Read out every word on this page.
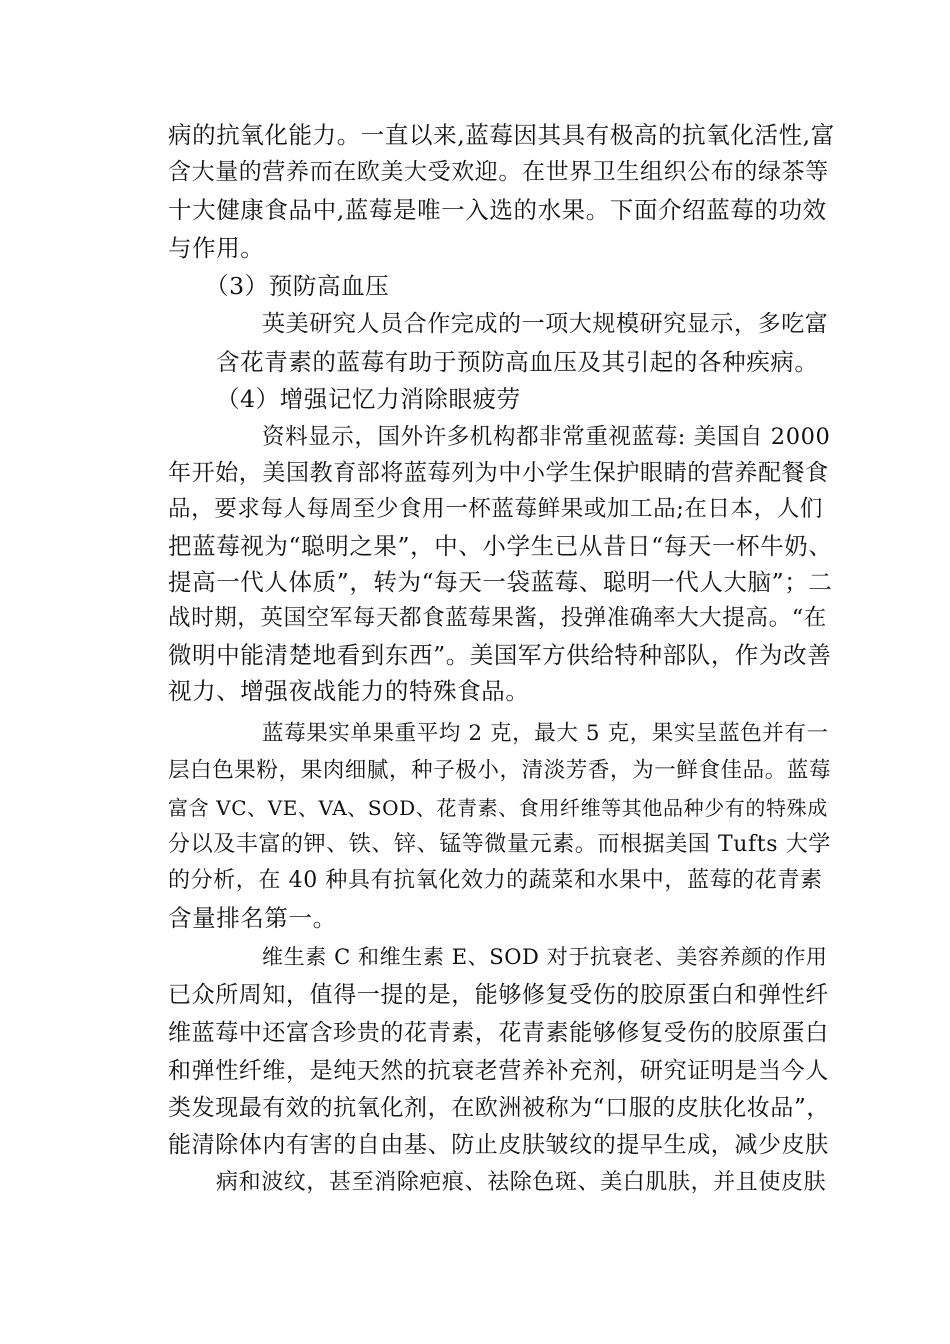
病的抗氧化能力。一直以来,蓝莓因其具有极高的抗氧化活性,富
含大量的营养而在欧美大受欢迎。在世界卫生组织公布的绿茶等
十大健康食品中,蓝莓是唯一入选的水果。下面介绍蓝莓的功效
与作用。
（3）预防高血压
英美研究人员合作完成的一项大规模研究显示，多吃富
含花青素的蓝莓有助于预防高血压及其引起的各种疾病。
（4）增强记忆力消除眼疲劳
资料显示，国外许多机构都非常重视蓝莓: 美国自 2000
年开始，美国教育部将蓝莓列为中小学生保护眼睛的营养配餐食
品，要求每人每周至少食用一杯蓝莓鲜果或加工品;在日本，人们
把蓝莓视为“聪明之果”，中、小学生已从昔日“每天一杯牛奶、
提高一代人体质”，转为“每天一袋蓝莓、聪明一代人大脑”；二
战时期，英国空军每天都食蓝莓果酱，投弹准确率大大提高。“在
微明中能清楚地看到东西”。美国军方供给特种部队，作为改善
视力、增强夜战能力的特殊食品。
蓝莓果实单果重平均 2 克，最大 5 克，果实呈蓝色并有一
层白色果粉，果肉细腻，种子极小，清淡芳香，为一鲜食佳品。蓝莓
富含 VC、VE、VA、SOD、花青素、食用纤维等其他品种少有的特殊成
分以及丰富的钾、铁、锌、锰等微量元素。而根据美国 Tufts 大学
的分析，在 40 种具有抗氧化效力的蔬菜和水果中，蓝莓的花青素
含量排名第一。
维生素 C 和维生素 E、SOD 对于抗衰老、美容养颜的作用
已众所周知，值得一提的是，能够修复受伤的胶原蛋白和弹性纤
维蓝莓中还富含珍贵的花青素，花青素能够修复受伤的胶原蛋白
和弹性纤维，是纯天然的抗衰老营养补充剂，研究证明是当今人
类发现最有效的抗氧化剂，在欧洲被称为“口服的皮肤化妆品”，
能清除体内有害的自由基、防止皮肤皱纹的提早生成，减少皮肤
病和波纹，甚至消除疤痕、祛除色斑、美白肌肤，并且使皮肤
